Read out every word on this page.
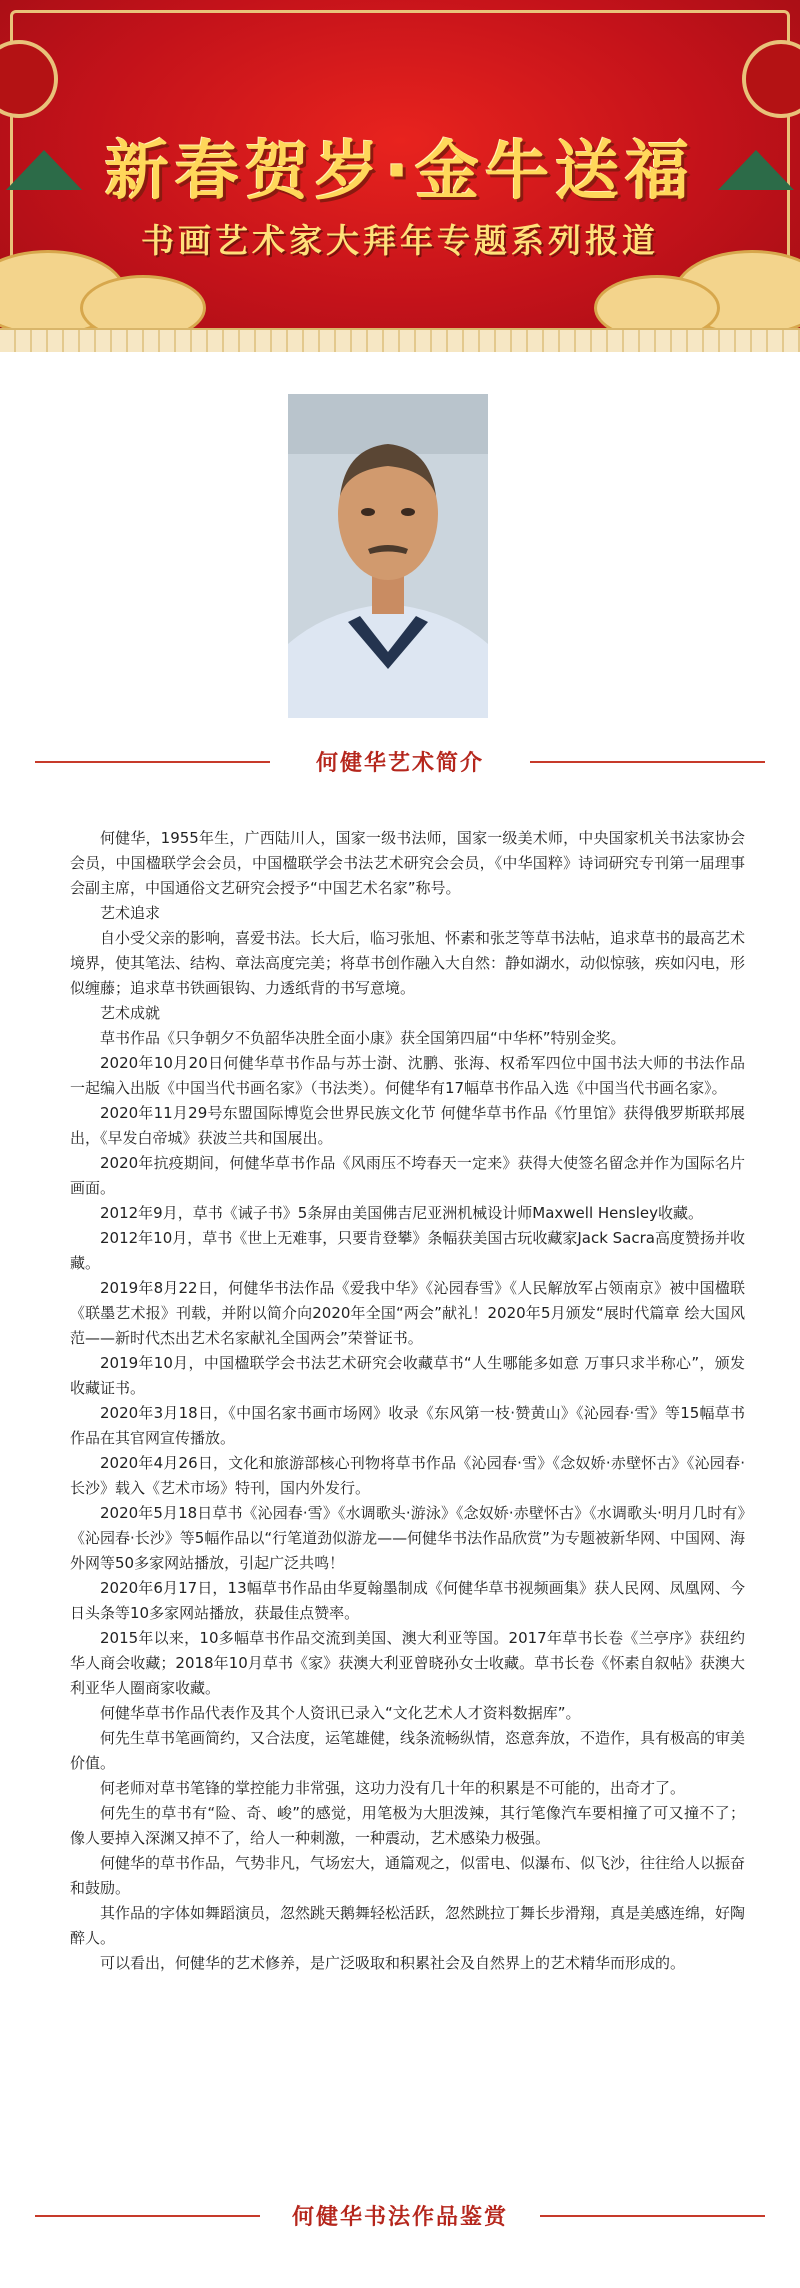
新春贺岁·金牛送福
书画艺术家大拜年专题系列报道
何健华艺术简介

何健华，1955年生，广西陆川人，国家一级书法师，国家一级美术师，中央国家机关书法家协会会员，中国楹联学会会员，中国楹联学会书法艺术研究会会员，《中华国粹》诗词研究专刊第一届理事会副主席，中国通俗文艺研究会授予“中国艺术名家”称号。

艺术追求

自小受父亲的影响，喜爱书法。长大后，临习张旭、怀素和张芝等草书法帖，追求草书的最高艺术境界，使其笔法、结构、章法高度完美；将草书创作融入大自然：静如湖水，动似惊骇，疾如闪电，形似缠藤；追求草书铁画银钩、力透纸背的书写意境。

艺术成就

草书作品《只争朝夕不负韶华决胜全面小康》获全国第四届“中华杯”特别金奖。

2020年10月20日何健华草书作品与苏士澍、沈鹏、张海、权希军四位中国书法大师的书法作品一起编入出版《中国当代书画名家》（书法类）。何健华有17幅草书作品入选《中国当代书画名家》。

2020年11月29号东盟国际博览会世界民族文化节 何健华草书作品《竹里馆》获得俄罗斯联邦展出，《早发白帝城》获波兰共和国展出。

2020年抗疫期间，何健华草书作品《风雨压不垮春天一定来》获得大使签名留念并作为国际名片画面。

2012年9月，草书《诫子书》5条屏由美国佛吉尼亚洲机械设计师Maxwell Hensley收藏。

2012年10月，草书《世上无难事，只要肯登攀》条幅获美国古玩收藏家Jack Sacra高度赞扬并收藏。

2019年8月22日，何健华书法作品《爱我中华》《沁园春雪》《人民解放军占领南京》被中国楹联《联墨艺术报》刊载，并附以简介向2020年全国“两会”献礼！2020年5月颁发“展时代篇章 绘大国风范——新时代杰出艺术名家献礼全国两会”荣誉证书。

2019年10月，中国楹联学会书法艺术研究会收藏草书“人生哪能多如意 万事只求半称心”，颁发收藏证书。

2020年3月18日，《中国名家书画市场网》收录《东风第一枝·赞黄山》《沁园春·雪》等15幅草书作品在其官网宣传播放。

2020年4月26日，文化和旅游部核心刊物将草书作品《沁园春·雪》《念奴娇·赤壁怀古》《沁园春·长沙》载入《艺术市场》特刊，国内外发行。

2020年5月18日草书《沁园春·雪》《水调歌头·游泳》《念奴娇·赤壁怀古》《水调歌头·明月几时有》《沁园春·长沙》等5幅作品以“行笔道劲似游龙——何健华书法作品欣赏”为专题被新华网、中国网、海外网等50多家网站播放，引起广泛共鸣！

2020年6月17日，13幅草书作品由华夏翰墨制成《何健华草书视频画集》获人民网、凤凰网、今日头条等10多家网站播放，获最佳点赞率。

2015年以来，10多幅草书作品交流到美国、澳大利亚等国。2017年草书长卷《兰亭序》获纽约华人商会收藏；2018年10月草书《家》获澳大利亚曾晓孙女士收藏。草书长卷《怀素自叙帖》获澳大利亚华人圈商家收藏。

何健华草书作品代表作及其个人资讯已录入“文化艺术人才资料数据库”。

何先生草书笔画简约，又合法度，运笔雄健，线条流畅纵情，恣意奔放，不造作，具有极高的审美价值。

何老师对草书笔锋的掌控能力非常强，这功力没有几十年的积累是不可能的，出奇才了。

何先生的草书有“险、奇、峻”的感觉，用笔极为大胆泼辣，其行笔像汽车要相撞了可又撞不了；像人要掉入深渊又掉不了，给人一种刺激，一种震动，艺术感染力极强。

何健华的草书作品，气势非凡，气场宏大，通篇观之，似雷电、似瀑布、似飞沙，往往给人以振奋和鼓励。

其作品的字体如舞蹈演员，忽然跳天鹅舞轻松活跃，忽然跳拉丁舞长步滑翔，真是美感连绵，好陶醉人。

可以看出，何健华的艺术修养，是广泛吸取和积累社会及自然界上的艺术精华而形成的。

何健华书法作品鉴赏
